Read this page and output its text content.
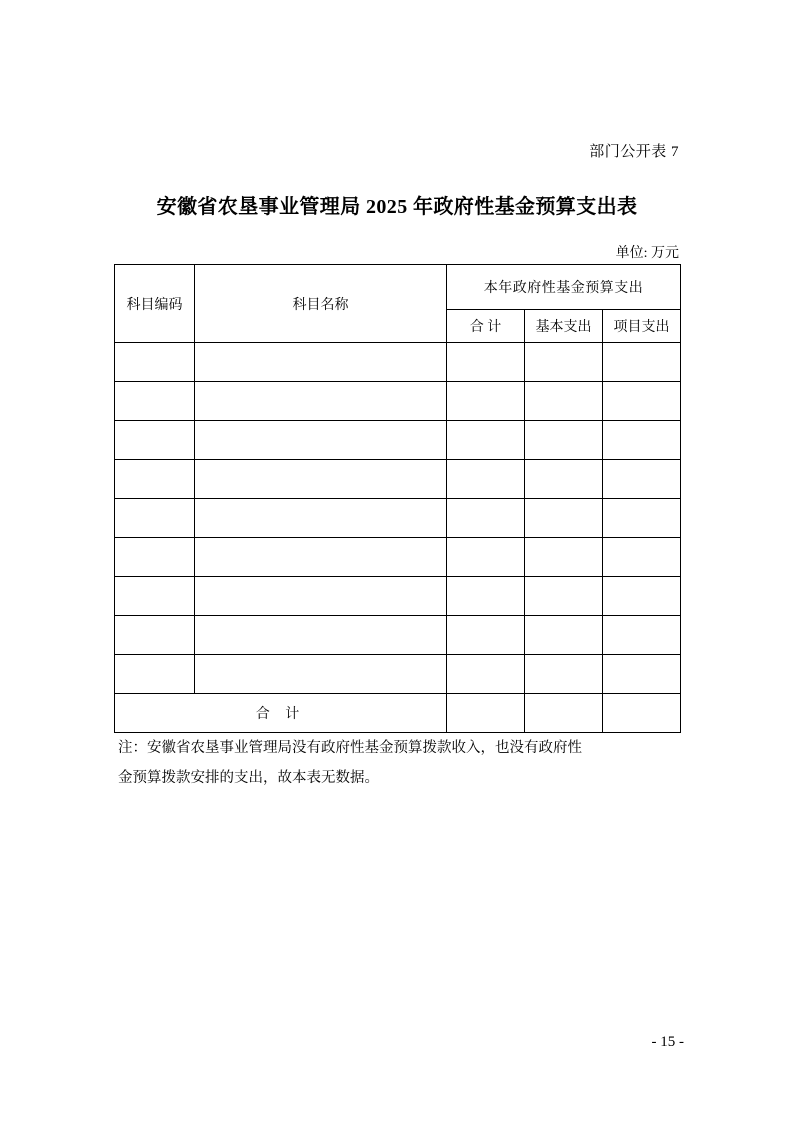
部门公开表 7
安徽省农垦事业管理局 2025 年政府性基金预算支出表
单位: 万元
科目编码	科目名称	本年政府性基金预算支出		
		合 计	基本支出	项目支出

合 计				

注：安徽省农垦事业管理局没有政府性基金预算拨款收入，也没有政府性

金预算拨款安排的支出，故本表无数据。

- 15 -
